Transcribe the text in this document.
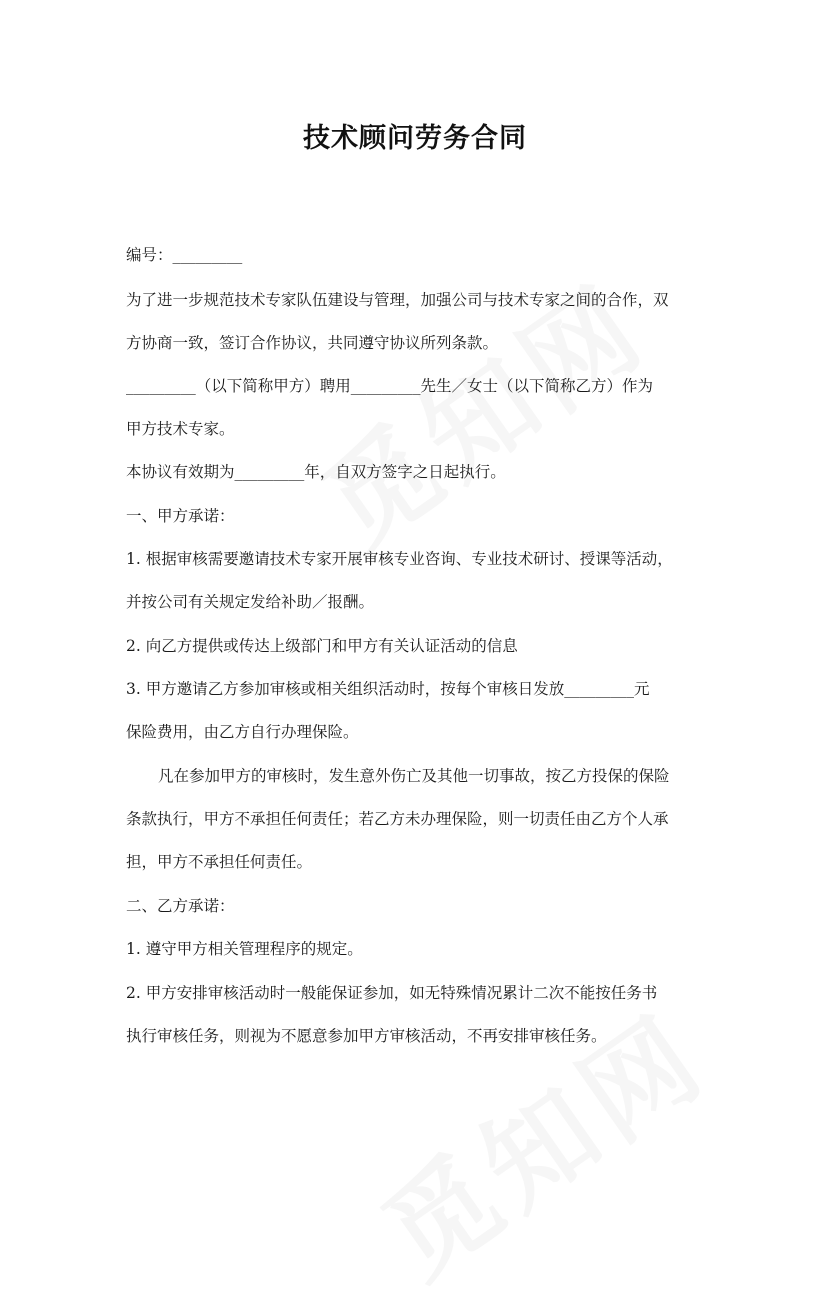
技术顾问劳务合同

编号：_________

为了进一步规范技术专家队伍建设与管理，加强公司与技术专家之间的合作，双

方协商一致，签订合作协议，共同遵守协议所列条款。

_________（以下简称甲方）聘用_________先生／女士（以下简称乙方）作为

甲方技术专家。

本协议有效期为_________年，自双方签字之日起执行。

一、甲方承诺：

1. 根据审核需要邀请技术专家开展审核专业咨询、专业技术研讨、授课等活动，

并按公司有关规定发给补助／报酬。

2. 向乙方提供或传达上级部门和甲方有关认证活动的信息

3. 甲方邀请乙方参加审核或相关组织活动时，按每个审核日发放_________元

保险费用，由乙方自行办理保险。

凡在参加甲方的审核时，发生意外伤亡及其他一切事故，按乙方投保的保险

条款执行，甲方不承担任何责任；若乙方未办理保险，则一切责任由乙方个人承

担，甲方不承担任何责任。

二、乙方承诺：

1. 遵守甲方相关管理程序的规定。

2. 甲方安排审核活动时一般能保证参加，如无特殊情况累计二次不能按任务书

执行审核任务，则视为不愿意参加甲方审核活动，不再安排审核任务。
